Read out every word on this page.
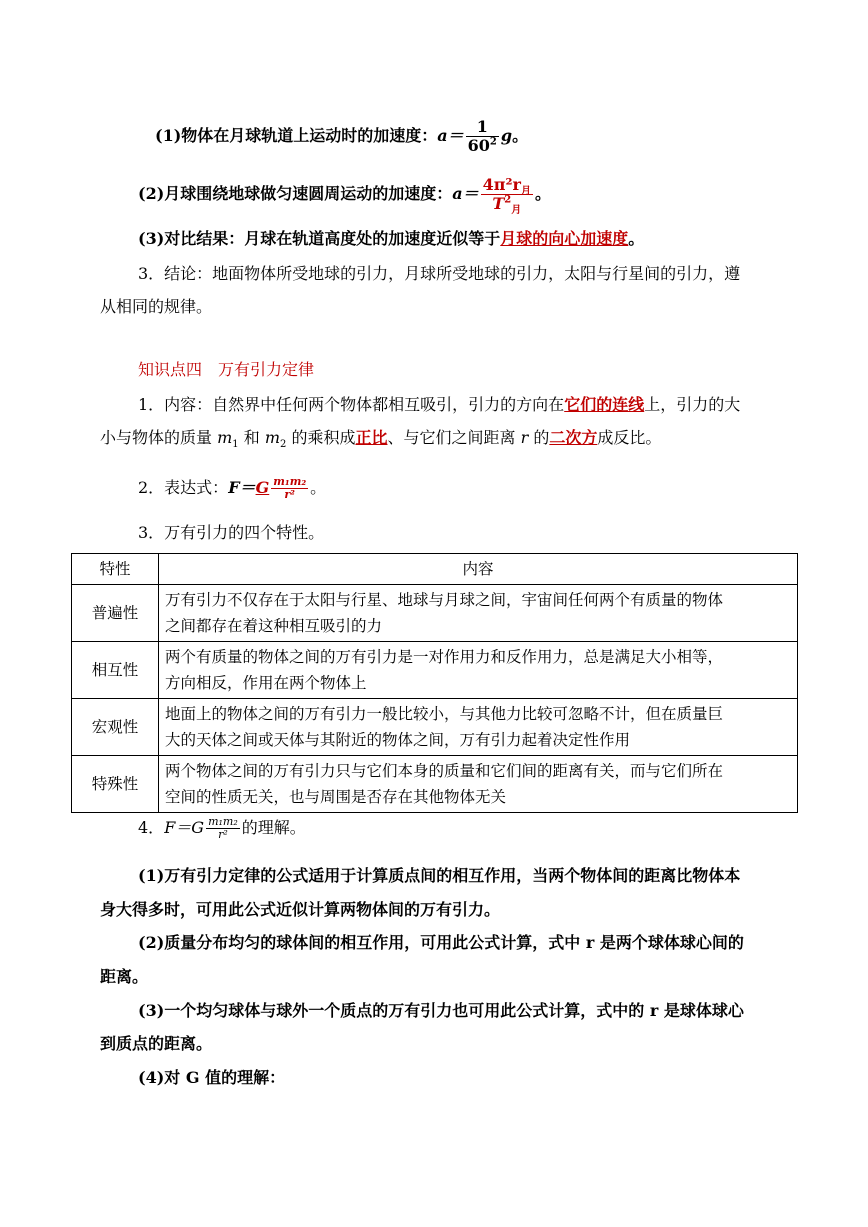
(1)物体在月球轨道上运动时的加速度：$a= \frac{1}{60^2}$ g。
(2)月球围绕地球做匀速圆周运动的加速度：$a= \frac{4\pi^2r_月}{T^2_月}$ 。
(3)对比结果：月球在轨道高度处的加速度近似等于月球的向心加速度。
3．结论：地面物体所受地球的引力，月球所受地球的引力，太阳与行星间的引力，遵
从相同的规律。
知识点四　万有引力定律
1．内容：自然界中任何两个物体都相互吸引，引力的方向在它们的连线上，引力的大
小与物体的质量 $m_1$ 和 $m_2$ 的乘积成正比、与它们之间距离 r 的二次方成反比。
2．表达式：$F=G \frac{\text{m₁m₂}}{\text{r²}}$ 。
3．万有引力的四个特性。
特性	内容
普遍性	万有引力不仅存在于太阳与行星、地球与月球之间，宇宙间任何两个有质量的物体
之间都存在着这种相互吸引的力

相互性	两个有质量的物体之间的万有引力是一对作用力和反作用力，总是满足大小相等，
方向相反，作用在两个物体上

宏观性	地面上的物体之间的万有引力一般比较小，与其他力比较可忽略不计，但在质量巨
大的天体之间或天体与其附近的物体之间，万有引力起着决定性作用

特殊性	两个物体之间的万有引力只与它们本身的质量和它们间的距离有关，而与它们所在
空间的性质无关，也与周围是否存在其他物体无关
4．$F=G \frac{\text{m₁m₂}}{\text{r²}}$ 的理解。
(1)万有引力定律的公式适用于计算质点间的相互作用，当两个物体间的距离比物体本
身大得多时，可用此公式近似计算两物体间的万有引力。
(2)质量分布均匀的球体间的相互作用，可用此公式计算，式中 r 是两个球体球心间的
距离。
(3)一个均匀球体与球外一个质点的万有引力也可用此公式计算，式中的 r 是球体球心
到质点的距离。
(4)对 G 值的理解：
